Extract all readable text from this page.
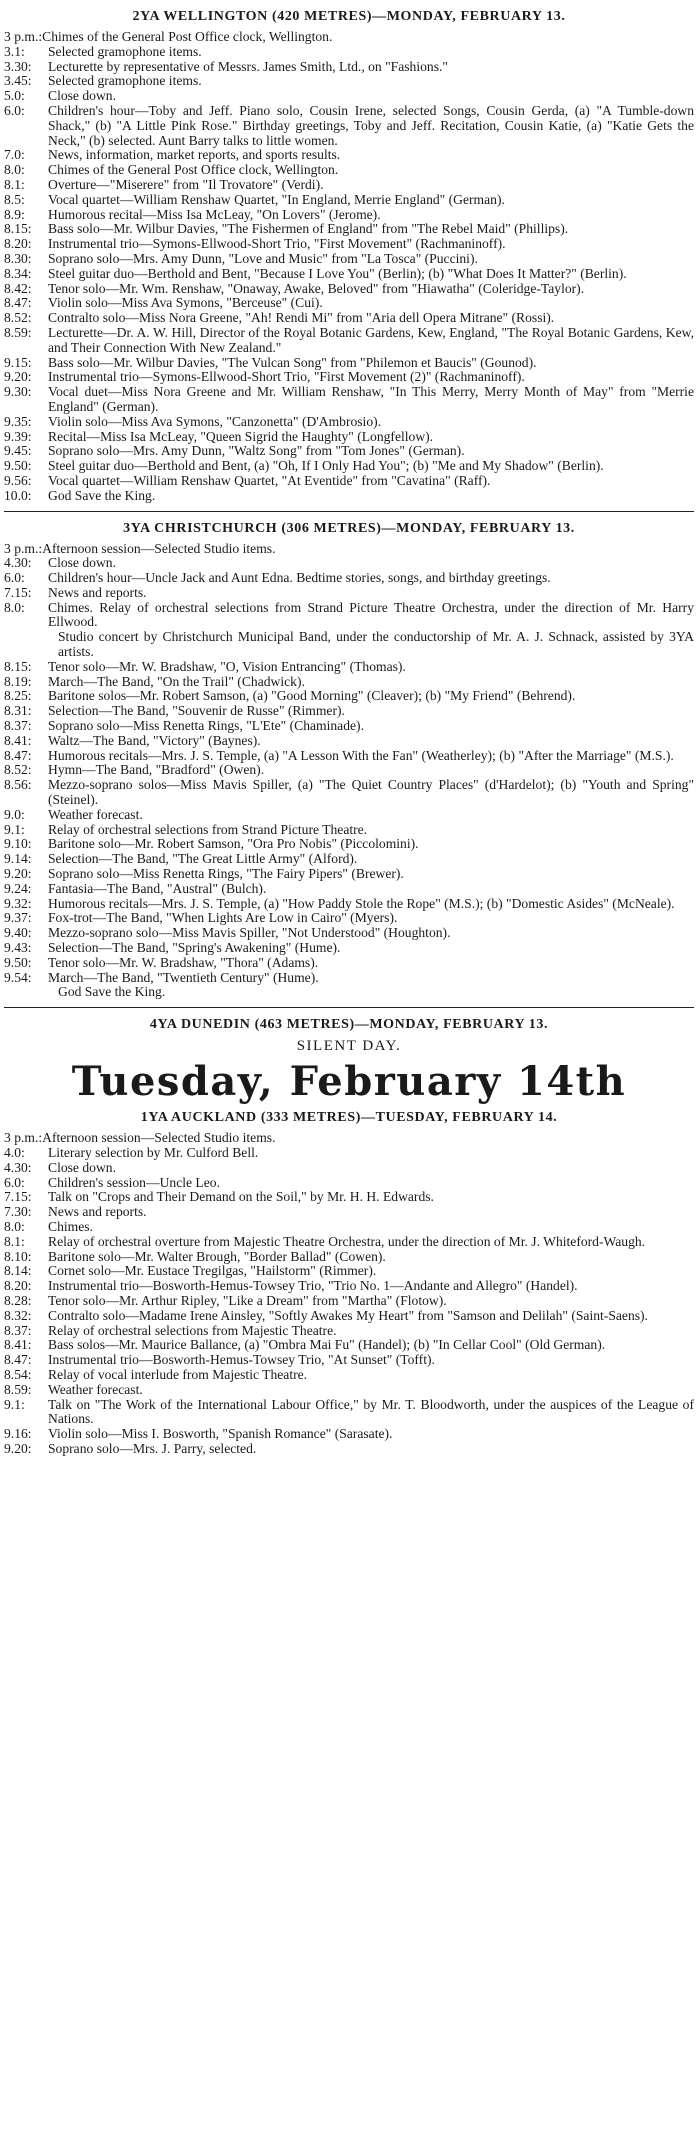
2YA WELLINGTON (420 METRES)—MONDAY, FEBRUARY 13.
3 p.m.: Chimes of the General Post Office clock, Wellington.
3.1:	Selected gramophone items.
3.30:	Lecturette by representative of Messrs. James Smith, Ltd., on "Fashions."
3.45:	Selected gramophone items.
5.0:	Close down.
6.0:	Children's hour—Toby and Jeff. Piano solo, Cousin Irene, selected Songs, Cousin Gerda, (a) "A Tumble-down Shack," (b) "A Little Pink Rose." Birthday greetings, Toby and Jeff. Recitation, Cousin Katie, (a) "Katie Gets the Neck," (b) selected. Aunt Barry talks to little women.
7.0:	News, information, market reports, and sports results.
8.0:	Chimes of the General Post Office clock, Wellington.
8.1:	Overture—"Miserere" from "Il Trovatore" (Verdi).
8.5:	Vocal quartet—William Renshaw Quartet, "In England, Merrie England" (German).
8.9:	Humorous recital—Miss Isa McLeay, "On Lovers" (Jerome).
8.15:	Bass solo—Mr. Wilbur Davies, "The Fishermen of England" from "The Rebel Maid" (Phillips).
8.20:	Instrumental trio—Symons-Ellwood-Short Trio, "First Movement" (Rachmaninoff).
8.30:	Soprano solo—Mrs. Amy Dunn, "Love and Music" from "La Tosca" (Puccini).
8.34:	Steel guitar duo—Berthold and Bent, "Because I Love You" (Berlin); (b) "What Does It Matter?" (Berlin).
8.42:	Tenor solo—Mr. Wm. Renshaw, "Onaway, Awake, Beloved" from "Hiawatha" (Coleridge-Taylor).
8.47:	Violin solo—Miss Ava Symons, "Berceuse" (Cui).
8.52:	Contralto solo—Miss Nora Greene, "Ah! Rendi Mi" from "Aria dell Opera Mitrane" (Rossi).
8.59:	Lecturette—Dr. A. W. Hill, Director of the Royal Botanic Gardens, Kew, England, "The Royal Botanic Gardens, Kew, and Their Connection With New Zealand."
9.15:	Bass solo—Mr. Wilbur Davies, "The Vulcan Song" from "Philemon et Baucis" (Gounod).
9.20:	Instrumental trio—Symons-Ellwood-Short Trio, "First Movement (2)" (Rachmaninoff).
9.30:	Vocal duet—Miss Nora Greene and Mr. William Renshaw, "In This Merry, Merry Month of May" from "Merrie England" (German).
9.35:	Violin solo—Miss Ava Symons, "Canzonetta" (D'Ambrosio).
9.39:	Recital—Miss Isa McLeay, "Queen Sigrid the Haughty" (Longfellow).
9.45:	Soprano solo—Mrs. Amy Dunn, "Waltz Song" from "Tom Jones" (German).
9.50:	Steel guitar duo—Berthold and Bent, (a) "Oh, If I Only Had You"; (b) "Me and My Shadow" (Berlin).
9.56:	Vocal quartet—William Renshaw Quartet, "At Eventide" from "Cavatina" (Raff).
10.0:	God Save the King.
3YA CHRISTCHURCH (306 METRES)—MONDAY, FEBRUARY 13.
3 p.m.: Afternoon session—Selected Studio items.
4.30:	Close down.
6.0:	Children's hour—Uncle Jack and Aunt Edna. Bedtime stories, songs, and birthday greetings.
7.15:	News and reports.
8.0:	Chimes. Relay of orchestral selections from Strand Picture Theatre Orchestra, under the direction of Mr. Harry Ellwood.
Studio concert by Christchurch Municipal Band, under the conductorship of Mr. A. J. Schnack, assisted by 3YA artists.
8.15:	Tenor solo—Mr. W. Bradshaw, "O, Vision Entrancing" (Thomas).
8.19:	March—The Band, "On the Trail" (Chadwick).
8.25:	Baritone solos—Mr. Robert Samson, (a) "Good Morning" (Cleaver); (b) "My Friend" (Behrend).
8.31:	Selection—The Band, "Souvenir de Russe" (Rimmer).
8.37:	Soprano solo—Miss Renetta Rings, "L'Ete" (Chaminade).
8.41:	Waltz—The Band, "Victory" (Baynes).
8.47:	Humorous recitals—Mrs. J. S. Temple, (a) "A Lesson With the Fan" (Weatherley); (b) "After the Marriage" (M.S.).
8.52:	Hymn—The Band, "Bradford" (Owen).
8.56:	Mezzo-soprano solos—Miss Mavis Spiller, (a) "The Quiet Country Places" (d'Hardelot); (b) "Youth and Spring" (Steinel).
9.0:	Weather forecast.
9.1:	Relay of orchestral selections from Strand Picture Theatre.
9.10:	Baritone solo—Mr. Robert Samson, "Ora Pro Nobis" (Piccolomini).
9.14:	Selection—The Band, "The Great Little Army" (Alford).
9.20:	Soprano solo—Miss Renetta Rings, "The Fairy Pipers" (Brewer).
9.24:	Fantasia—The Band, "Austral" (Bulch).
9.32:	Humorous recitals—Mrs. J. S. Temple, (a) "How Paddy Stole the Rope" (M.S.); (b) "Domestic Asides" (McNeale).
9.37:	Fox-trot—The Band, "When Lights Are Low in Cairo" (Myers).
9.40:	Mezzo-soprano solo—Miss Mavis Spiller, "Not Understood" (Houghton).
9.43:	Selection—The Band, "Spring's Awakening" (Hume).
9.50:	Tenor solo—Mr. W. Bradshaw, "Thora" (Adams).
9.54:	March—The Band, "Twentieth Century" (Hume).
God Save the King.
4YA DUNEDIN (463 METRES)—MONDAY, FEBRUARY 13.
SILENT DAY.
Tuesday, February 14th
1YA AUCKLAND (333 METRES)—TUESDAY, FEBRUARY 14.
3 p.m.: Afternoon session—Selected Studio items.
4.0:	Literary selection by Mr. Culford Bell.
4.30:	Close down.
6.0:	Children's session—Uncle Leo.
7.15:	Talk on "Crops and Their Demand on the Soil," by Mr. H. H. Edwards.
7.30:	News and reports.
8.0:	Chimes.
8.1:	Relay of orchestral overture from Majestic Theatre Orchestra, under the direction of Mr. J. Whiteford-Waugh.
8.10:	Baritone solo—Mr. Walter Brough, "Border Ballad" (Cowen).
8.14:	Cornet solo—Mr. Eustace Tregilgas, "Hailstorm" (Rimmer).
8.20:	Instrumental trio—Bosworth-Hemus-Towsey Trio, "Trio No. 1—Andante and Allegro" (Handel).
8.28:	Tenor solo—Mr. Arthur Ripley, "Like a Dream" from "Martha" (Flotow).
8.32:	Contralto solo—Madame Irene Ainsley, "Softly Awakes My Heart" from "Samson and Delilah" (Saint-Saens).
8.37:	Relay of orchestral selections from Majestic Theatre.
8.41:	Bass solos—Mr. Maurice Ballance, (a) "Ombra Mai Fu" (Handel); (b) "In Cellar Cool" (Old German).
8.47:	Instrumental trio—Bosworth-Hemus-Towsey Trio, "At Sunset" (Tofft).
8.54:	Relay of vocal interlude from Majestic Theatre.
8.59:	Weather forecast.
9.1:	Talk on "The Work of the International Labour Office," by Mr. T. Bloodworth, under the auspices of the League of Nations.
9.16:	Violin solo—Miss I. Bosworth, "Spanish Romance" (Sarasate).
9.20:	Soprano solo—Mrs. J. Parry, selected.
